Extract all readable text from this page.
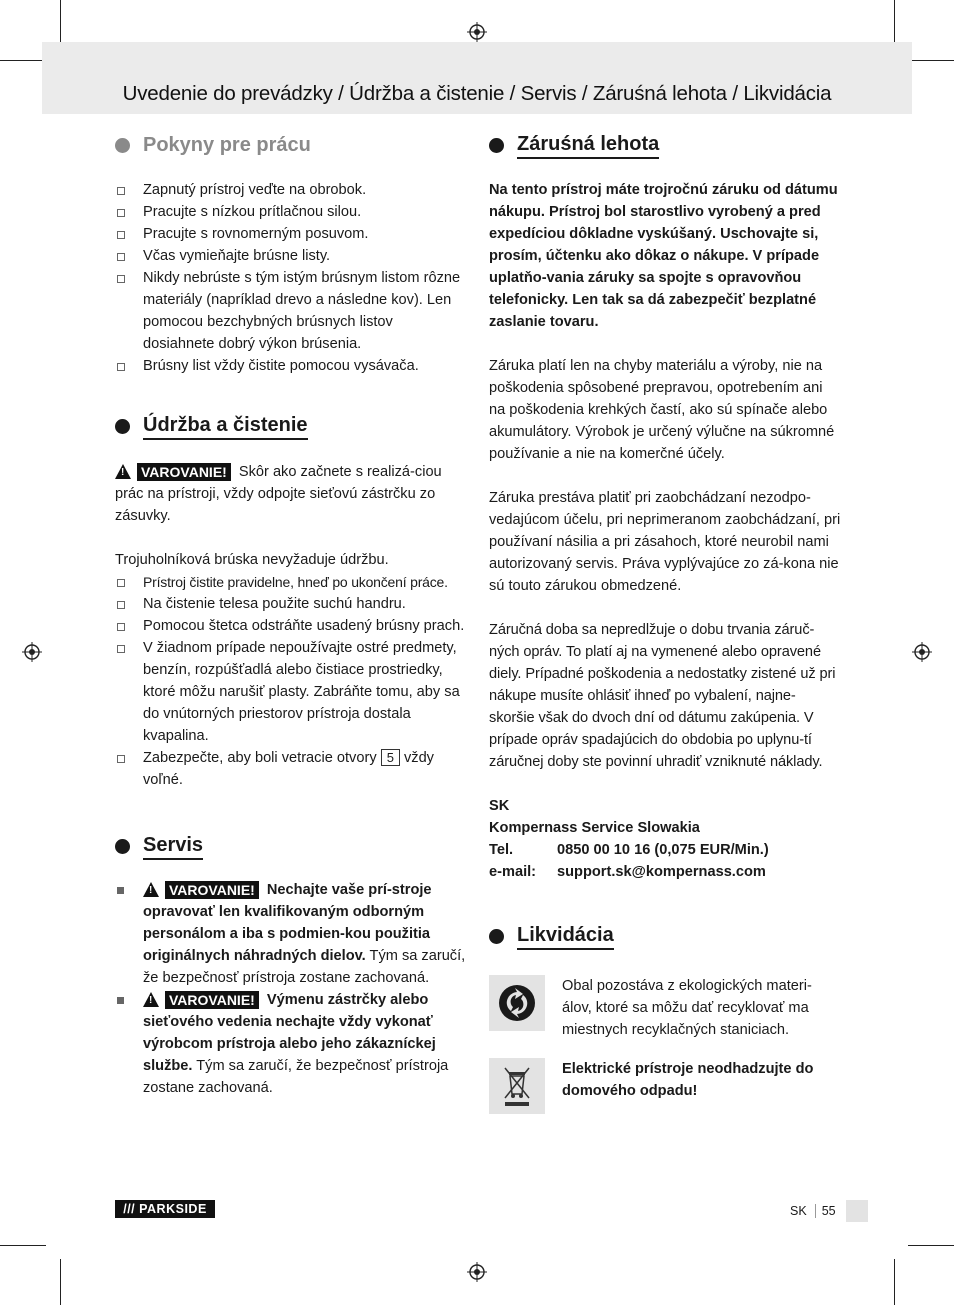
Uvedenie do prevádzky / Údržba a čistenie / Servis / Záruśná lehota / Likvidácia
Pokyny pre prácu
Zapnutý prístroj veďte na obrobok.
Pracujte s nízkou prítlačnou silou.
Pracujte s rovnomerným posuvom.
Včas vymieňajte brúsne listy.
Nikdy nebrúste s tým istým brúsnym listom rôzne materiály (napríklad drevo a následne kov). Len pomocou bezchybných brúsnych listov dosiahnete dobrý výkon brúsenia.
Brúsny list vždy čistite pomocou vysávača.
Údržba a čistenie

! VAROVANIE! Skôr ako začnete s realizá-ciou prác na prístroji, vždy odpojte sieťovú zástrčku zo zásuvky.

Trojuholníková brúska nevyžaduje údržbu.

Prístroj čistite pravidelne, hneď po ukončení práce.
Na čistenie telesa použite suchú handru.
Pomocou štetca odstráňte usadený brúsny prach.
V žiadnom prípade nepoužívajte ostré predmety, benzín, rozpúšťadlá alebo čistiace prostriedky, ktoré môžu narušiť plasty. Zabráňte tomu, aby sa do vnútorných priestorov prístroja dostala kvapalina.
Zabezpečte, aby boli vetracie otvory 5 vždy voľné.
Servis
! VAROVANIE! Nechajte vaše prí-stroje opravovať len kvalifikovaným odborným personálom a iba s podmien-kou použitia originálnych náhradných dielov. Tým sa zaručí, že bezpečnosť prístroja zostane zachovaná.
! VAROVANIE! Výmenu zástrčky alebo sieťového vedenia nechajte vždy vykonať výrobcom prístroja alebo jeho zákazníckej službe. Tým sa zaručí, že bezpečnosť prístroja zostane zachovaná.
Záruśná lehota

Na tento prístroj máte trojročnú záruku od dátumu nákupu. Prístroj bol starostlivo vyrobený a pred expedíciou dôkladne vyskúšaný. Uschovajte si, prosím, účtenku ako dôkaz o nákupe. V prípade uplatňo-vania záruky sa spojte s opravovňou telefonicky. Len tak sa dá zabezpečiť bezplatné zaslanie tovaru.

Záruka platí len na chyby materiálu a výroby, nie na poškodenia spôsobené prepravou, opotrebením ani na poškodenia krehkých častí, ako sú spínače alebo akumulátory. Výrobok je určený výlučne na súkromné používanie a nie na komerčné účely.

Záruka prestáva platiť pri zaobchádzaní nezodpo-vedajúcom účelu, pri neprimeranom zaobchádzaní, pri používaní násilia a pri zásahoch, ktoré neurobil nami autorizovaný servis. Práva vyplývajúce zo zá-kona nie sú touto zárukou obmedzené.

Záručná doba sa nepredlžuje o dobu trvania záruč-ných opráv. To platí aj na vymenené alebo opravené diely. Prípadné poškodenia a nedostatky zistené už pri nákupe musíte ohlásiť ihneď po vybalení, najne-skoršie však do dvoch dní od dátumu zakúpenia. V prípade opráv spadajúcich do obdobia po uplynu-tí záručnej doby ste povinní uhradiť vzniknuté náklady.

SK

Kompernass Service Slowakia

Tel.	0850 00 10 16 (0,075 EUR/Min.)

e-mail: support.sk@kompernass.com

Likvidácia

Obal pozostáva z ekologických materi-álov, ktoré sa môžu dať recyklovať ma miestnych recyklačných staniciach.

Elektrické prístroje neodhadzujte do domového odpadu!

/// PARKSIDE	SK	55
